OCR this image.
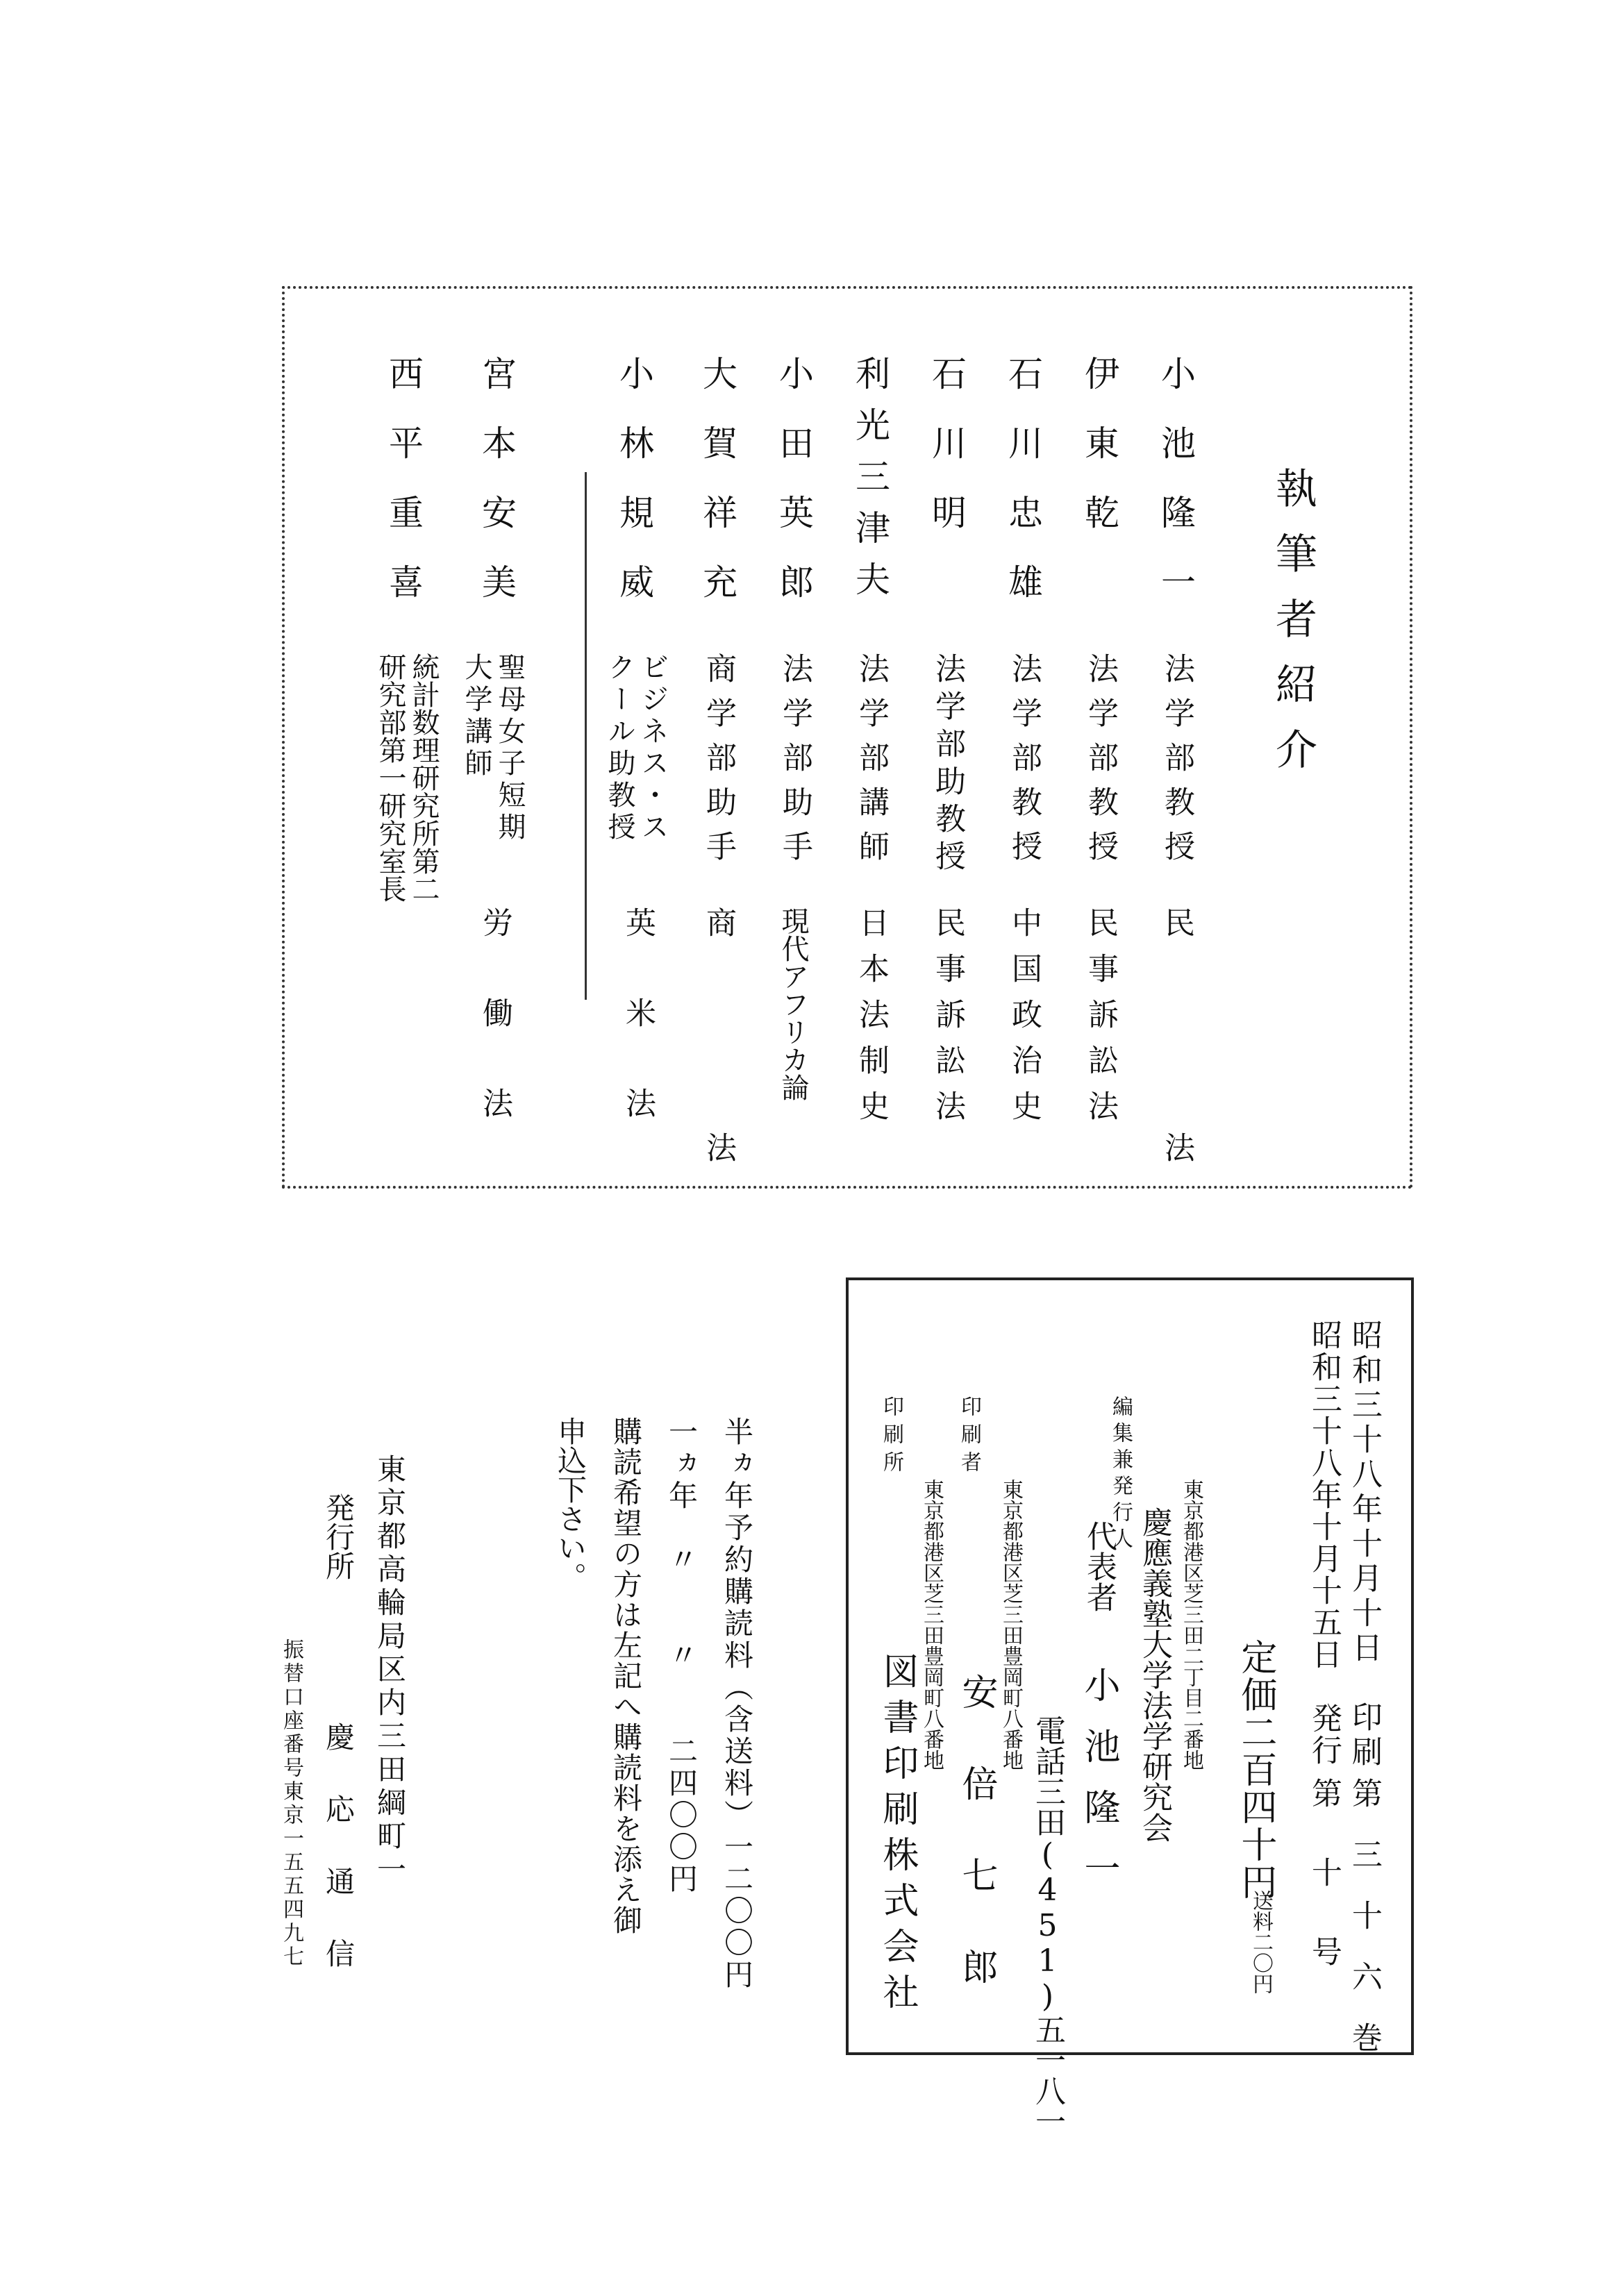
執筆者紹介
小池隆一
伊東乾
石川忠雄
石川明
利光三津夫
小田英郎
大賀祥充
小林規威
宮本安美
西平重喜
法学部教授
法学部教授
法学部教授
法学部助教授
法学部講師
法学部助手
商学部助手
ビジネス・ス
クール助教授
聖母女子短期
大学講師
統計数理研究所第二
研究部第一研究室長
民法
民事訴訟法
中国政治史
民事訴訟法
日本法制史
現代アフリカ論
商法
英米法
労働法
昭和三十八年十月十日　印刷
第三十六巻
昭和三十八年十月十五日　発行
第十号
定価二百四十円
送料二〇円
東京都港区芝三田二丁目二番地
慶應義塾大学法学研究会
編集兼発行人
代表者
小池隆一
電話三田(451)五一八一
東京都港区芝三田豊岡町八番地
印刷者
安倍七郎
東京都港区芝三田豊岡町八番地
印刷所
図書印刷株式会社
半ヵ年予約購読料（含送料）一二〇〇円
一ヵ年　〃　　〃　　二四〇〇円
購読希望の方は左記へ購読料を添え御
申込下さい。
東京都高輪局区内三田綱町一
発行所
慶応通信
振替口座番号東京一五五四九七
